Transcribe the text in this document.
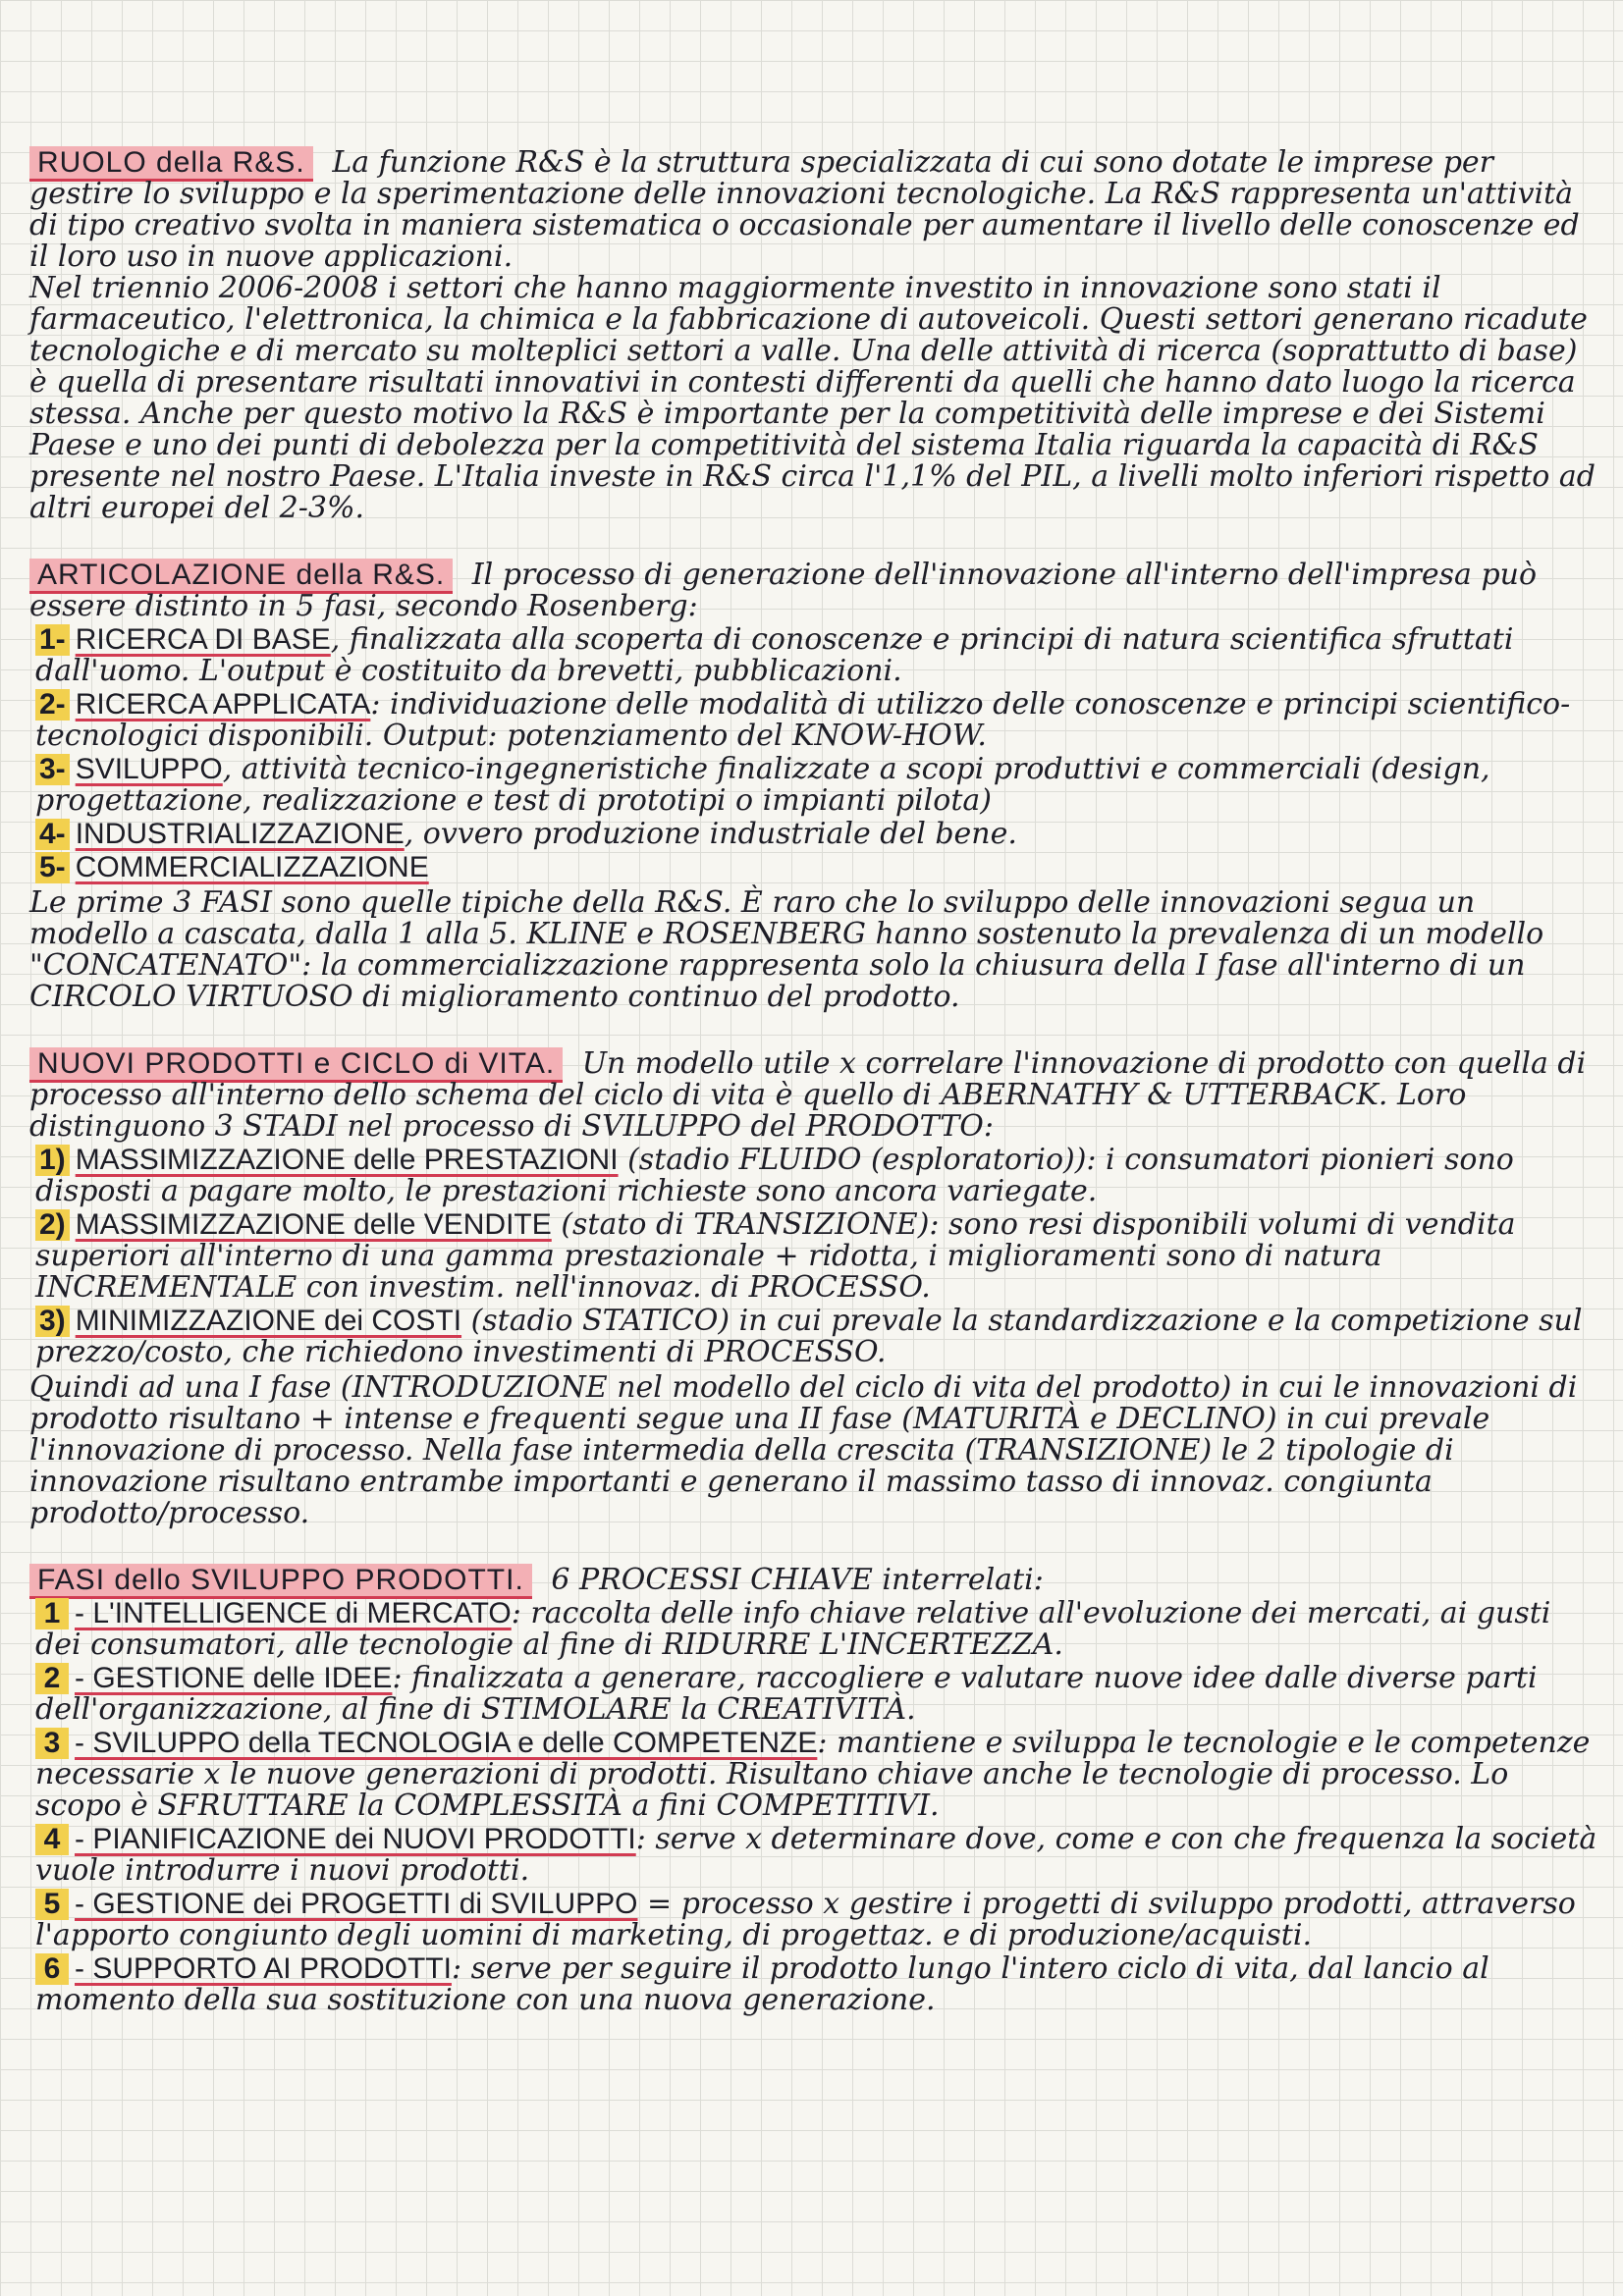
RUOLO della R&S. La funzione R&S è la struttura specializzata di cui sono dotate le imprese per gestire lo sviluppo e la sperimentazione delle innovazioni tecnologiche. La R&S rappresenta un'attività di tipo creativo svolta in maniera sistematica o occasionale per aumentare il livello delle conoscenze ed il loro uso in nuove applicazioni.
Nel triennio 2006-2008 i settori che hanno maggiormente investito in innovazione sono stati il farmaceutico, l'elettronica, la chimica e la fabbricazione di autoveicoli. Questi settori generano ricadute tecnologiche e di mercato su molteplici settori a valle. Una delle attività di ricerca (soprattutto di base) è quella di presentare risultati innovativi in contesti differenti da quelli che hanno dato luogo la ricerca stessa. Anche per questo motivo la R&S è importante per la competitività delle imprese e dei Sistemi Paese e uno dei punti di debolezza per la competitività del sistema Italia riguarda la capacità di R&S presente nel nostro Paese. L'Italia investe in R&S circa l'1,1% del PIL, a livelli molto inferiori rispetto ad altri europei del 2-3%.
ARTICOLAZIONE della R&S. Il processo di generazione dell'innovazione all'interno dell'impresa può essere distinto in 5 fasi, secondo Rosenberg:
1- RICERCA DI BASE, finalizzata alla scoperta di conoscenze e principi di natura scientifica sfruttati dall'uomo. L'output è costituito da brevetti, pubblicazioni.
2- RICERCA APPLICATA: individuazione delle modalità di utilizzo delle conoscenze e principi scientifico-tecnologici disponibili. Output: potenziamento del KNOW-HOW.
3- SVILUPPO, attività tecnico-ingegneristiche finalizzate a scopi produttivi e commerciali (design, progettazione, realizzazione e test di prototipi o impianti pilota)
4- INDUSTRIALIZZAZIONE, ovvero produzione industriale del bene.
5- COMMERCIALIZZAZIONE
Le prime 3 FASI sono quelle tipiche della R&S. È raro che lo sviluppo delle innovazioni segua un modello a cascata, dalla 1 alla 5. KLINE e ROSENBERG hanno sostenuto la prevalenza di un modello "CONCATENATO": la commercializzazione rappresenta solo la chiusura della I fase all'interno di un CIRCOLO VIRTUOSO di miglioramento continuo del prodotto.
NUOVI PRODOTTI e CICLO di VITA. Un modello utile x correlare l'innovazione di prodotto con quella di processo all'interno dello schema del ciclo di vita è quello di ABERNATHY & UTTERBACK. Loro distinguono 3 STADI nel processo di SVILUPPO del PRODOTTO:
1) MASSIMIZZAZIONE delle PRESTAZIONI (stadio FLUIDO (esploratorio)): i consumatori pionieri sono disposti a pagare molto, le prestazioni richieste sono ancora variegate.
2) MASSIMIZZAZIONE delle VENDITE (stato di TRANSIZIONE): sono resi disponibili volumi di vendita superiori all'interno di una gamma prestazionale + ridotta, i miglioramenti sono di natura INCREMENTALE con investim. nell'innovaz. di PROCESSO.
3) MINIMIZZAZIONE dei COSTI (stadio STATICO) in cui prevale la standardizzazione e la competizione sul prezzo/costo, che richiedono investimenti di PROCESSO.
Quindi ad una I fase (INTRODUZIONE nel modello del ciclo di vita del prodotto) in cui le innovazioni di prodotto risultano + intense e frequenti segue una II fase (MATURITÀ e DECLINO) in cui prevale l'innovazione di processo. Nella fase intermedia della crescita (TRANSIZIONE) le 2 tipologie di innovazione risultano entrambe importanti e generano il massimo tasso di innovaz. congiunta prodotto/processo.
FASI dello SVILUPPO PRODOTTI. 6 PROCESSI CHIAVE interrelati:
1 - L'INTELLIGENCE di MERCATO: raccolta delle info chiave relative all'evoluzione dei mercati, ai gusti dei consumatori, alle tecnologie al fine di RIDURRE L'INCERTEZZA.
2 - GESTIONE delle IDEE: finalizzata a generare, raccogliere e valutare nuove idee dalle diverse parti dell'organizzazione, al fine di STIMOLARE la CREATIVITÀ.
3 - SVILUPPO della TECNOLOGIA e delle COMPETENZE: mantiene e sviluppa le tecnologie e le competenze necessarie x le nuove generazioni di prodotti. Risultano chiave anche le tecnologie di processo. Lo scopo è SFRUTTARE la COMPLESSITÀ a fini COMPETITIVI.
4 - PIANIFICAZIONE dei NUOVI PRODOTTI: serve x determinare dove, come e con che frequenza la società vuole introdurre i nuovi prodotti.
5 - GESTIONE dei PROGETTI di SVILUPPO = processo x gestire i progetti di sviluppo prodotti, attraverso l'apporto congiunto degli uomini di marketing, di progettaz. e di produzione/acquisti.
6 - SUPPORTO AI PRODOTTI: serve per seguire il prodotto lungo l'intero ciclo di vita, dal lancio al momento della sua sostituzione con una nuova generazione.
